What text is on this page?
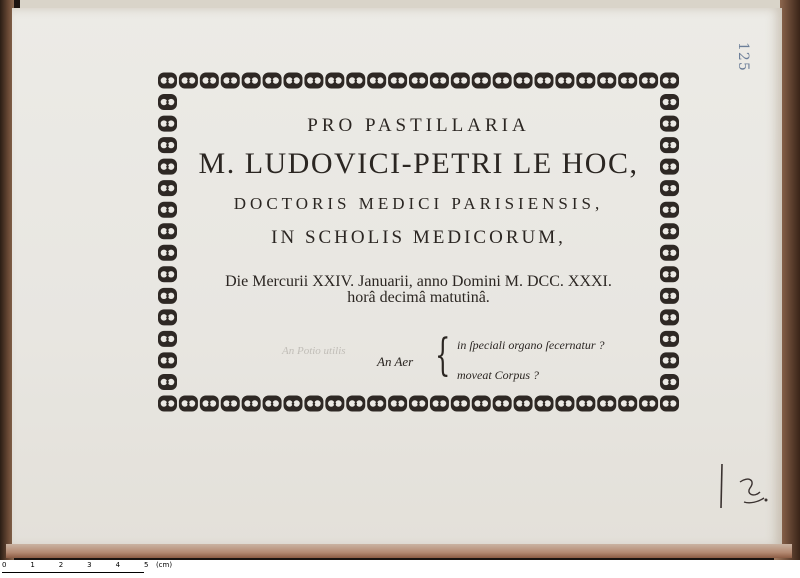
125
PRO PASTILLARIA
M. LUDOVICI-PETRI LE HOC,
DOCTORIS MEDICI PARISIENSIS,
IN SCHOLIS MEDICORUM,
Die Mercurii XXIV. Januarii, anno Domini M. DCC. XXXI.
horâ decimâ matutinâ.
An Potio utilis
An Aer { in ſpeciali organo ſecernatur ?
moveat Corpus ?
0	1	2	3	4	5 (cm)
